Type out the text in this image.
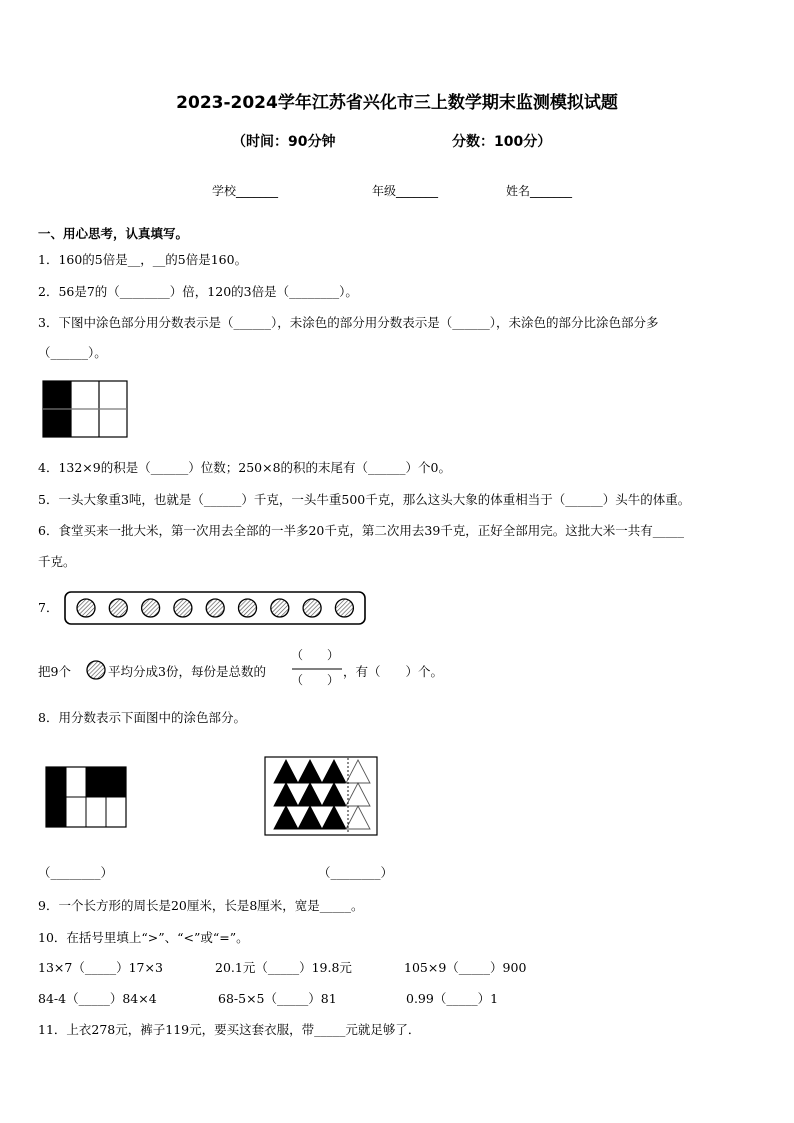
2023-2024学年江苏省兴化市三上数学期末监测模拟试题
（时间：90分钟	分数：100分）
学校_______	年级_______	姓名_______
一、用心思考，认真填写。
1．160的5倍是__，__的5倍是160。
2．56是7的（________）倍，120的3倍是（________）。
3．下图中涂色部分用分数表示是（______），未涂色的部分用分数表示是（______），未涂色的部分比涂色部分多
（______）。
4．132×9的积是（______）位数；250×8的积的末尾有（______）个0。
5．一头大象重3吨，也就是（______）千克，一头牛重500千克，那么这头大象的体重相当于（______）头牛的体重。
6．食堂买来一批大米，第一次用去全部的一半多20千克，第二次用去39千克，正好全部用完。这批大米一共有_____
千克。
7．
把9个	平均分成3份，每份是总数的
（　　）
（　　）
，有（　　）个。
8．用分数表示下面图中的涂色部分。
（________）	（________）
9．一个长方形的周长是20厘米，长是8厘米，宽是_____。
10．在括号里填上“>”、“<”或“=”。
13×7（_____）17×3	20.1元（_____）19.8元	105×9（_____）900
84-4（_____）84×4	68-5×5（_____）81	0.99（_____）1
11．上衣278元，裤子119元，要买这套衣服，带_____元就足够了．
